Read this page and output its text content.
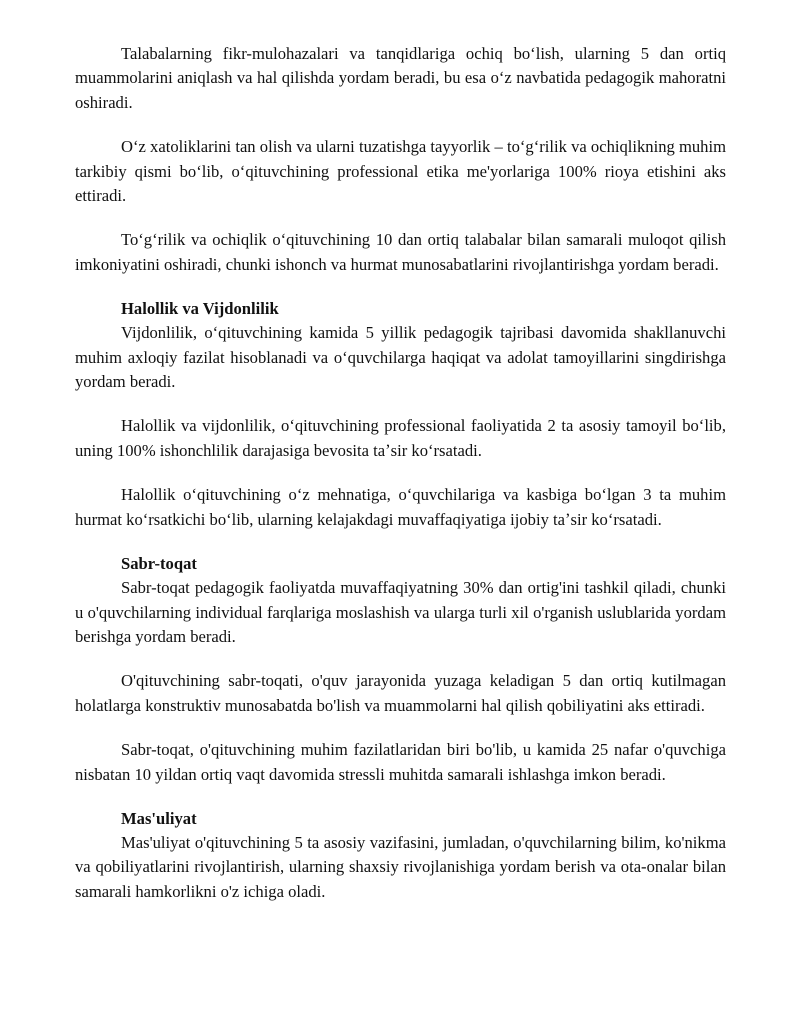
Talabalarning fikr-mulohazalari va tanqidlariga ochiq boʻlish, ularning 5 dan ortiq muammolarini aniqlash va hal qilishda yordam beradi, bu esa oʻz navbatida pedagogik mahoratni oshiradi.

Oʻz xatoliklarini tan olish va ularni tuzatishga tayyorlik – toʻgʻrilik va ochiqlikning muhim tarkibiy qismi boʻlib, oʻqituvchining professional etika me'yorlariga 100% rioya etishini aks ettiradi.

Toʻgʻrilik va ochiqlik oʻqituvchining 10 dan ortiq talabalar bilan samarali muloqot qilish imkoniyatini oshiradi, chunki ishonch va hurmat munosabatlarini rivojlantirishga yordam beradi.

Halollik va Vijdonlilik

Vijdonlilik, oʻqituvchining kamida 5 yillik pedagogik tajribasi davomida shakllanuvchi muhim axloqiy fazilat hisoblanadi va oʻquvchilarga haqiqat va adolat tamoyillarini singdirishga yordam beradi.

Halollik va vijdonlilik, oʻqituvchining professional faoliyatida 2 ta asosiy tamoyil boʻlib, uning 100% ishonchlilik darajasiga bevosita taʼsir koʻrsatadi.

Halollik oʻqituvchining oʻz mehnatiga, oʻquvchilariga va kasbiga boʻlgan 3 ta muhim hurmat koʻrsatkichi boʻlib, ularning kelajakdagi muvaffaqiyatiga ijobiy taʼsir koʻrsatadi.

Sabr-toqat

Sabr-toqat pedagogik faoliyatda muvaffaqiyatning 30% dan ortig'ini tashkil qiladi, chunki u o'quvchilarning individual farqlariga moslashish va ularga turli xil o'rganish uslublarida yordam berishga yordam beradi.

O'qituvchining sabr-toqati, o'quv jarayonida yuzaga keladigan 5 dan ortiq kutilmagan holatlarga konstruktiv munosabatda bo'lish va muammolarni hal qilish qobiliyatini aks ettiradi.

Sabr-toqat, o'qituvchining muhim fazilatlaridan biri bo'lib, u kamida 25 nafar o'quvchiga nisbatan 10 yildan ortiq vaqt davomida stressli muhitda samarali ishlashga imkon beradi.

Mas'uliyat

Mas'uliyat o'qituvchining 5 ta asosiy vazifasini, jumladan, o'quvchilarning bilim, ko'nikma va qobiliyatlarini rivojlantirish, ularning shaxsiy rivojlanishiga yordam berish va ota-onalar bilan samarali hamkorlikni o'z ichiga oladi.
